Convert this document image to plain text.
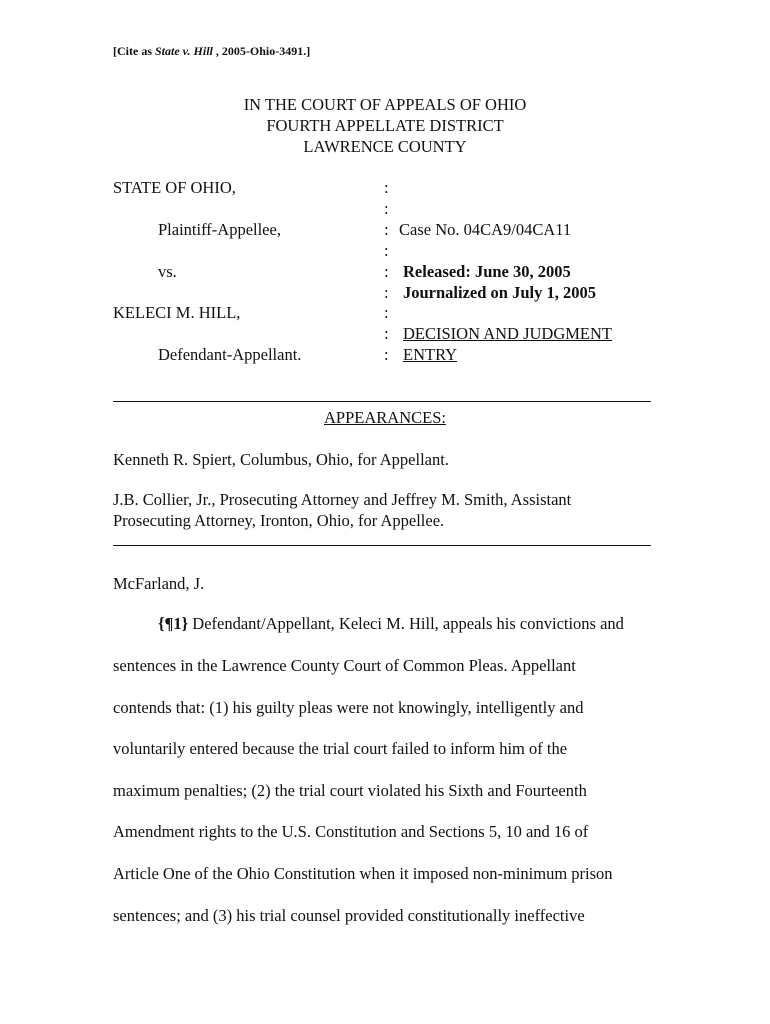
[Cite as State v. Hill , 2005-Ohio-3491.]
IN THE COURT OF APPEALS OF OHIO
FOURTH APPELLATE DISTRICT
LAWRENCE COUNTY
STATE OF OHIO,
Plaintiff-Appellee,
vs.
KELECI M. HILL,
Defendant-Appellant.
:
:
:
:
:
:
:
:
:
Case No. 04CA9/04CA11
Released: June 30, 2005
Journalized on July 1, 2005
DECISION AND JUDGMENT
ENTRY
APPEARANCES:
Kenneth R. Spiert, Columbus, Ohio, for Appellant.
J.B. Collier, Jr., Prosecuting Attorney and Jeffrey M. Smith, Assistant
Prosecuting Attorney, Ironton, Ohio, for Appellee.
McFarland, J.
{¶1} Defendant/Appellant, Keleci M. Hill, appeals his convictions and
sentences in the Lawrence County Court of Common Pleas. Appellant
contends that: (1) his guilty pleas were not knowingly, intelligently and
voluntarily entered because the trial court failed to inform him of the
maximum penalties; (2) the trial court violated his Sixth and Fourteenth
Amendment rights to the U.S. Constitution and Sections 5, 10 and 16 of
Article One of the Ohio Constitution when it imposed non-minimum prison
sentences; and (3) his trial counsel provided constitutionally ineffective
